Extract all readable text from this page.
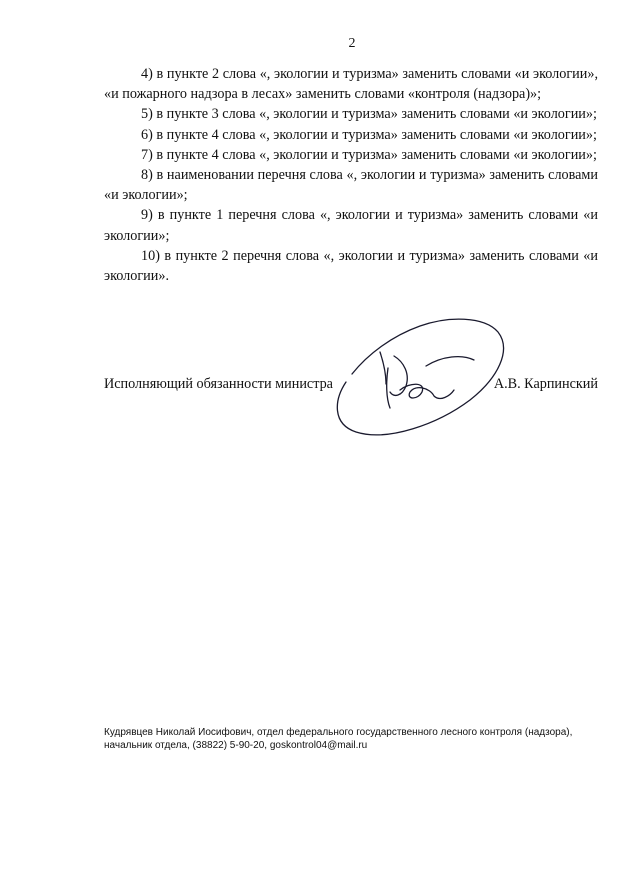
2

4) в пункте 2 слова «, экологии и туризма» заменить словами «и экологии», «и пожарного надзора в лесах» заменить словами «контроля (надзора)»;

5) в пункте 3 слова «, экологии и туризма» заменить словами «и экологии»;

6) в пункте 4 слова «, экологии и туризма» заменить словами «и экологии»;

7) в пункте 4 слова «, экологии и туризма» заменить словами «и экологии»;

8) в наименовании перечня слова «, экологии и туризма» заменить словами «и экологии»;

9) в пункте 1 перечня слова «, экологии и туризма» заменить словами «и экологии»;

10) в пункте 2 перечня слова «, экологии и туризма» заменить словами «и экологии».

Исполняющий обязанности министра	А.В. Карпинский
Кудрявцев Николай Иосифович, отдел федерального государственного лесного контроля (надзора),
начальник отдела, (38822) 5-90-20, goskontrol04@mail.ru
